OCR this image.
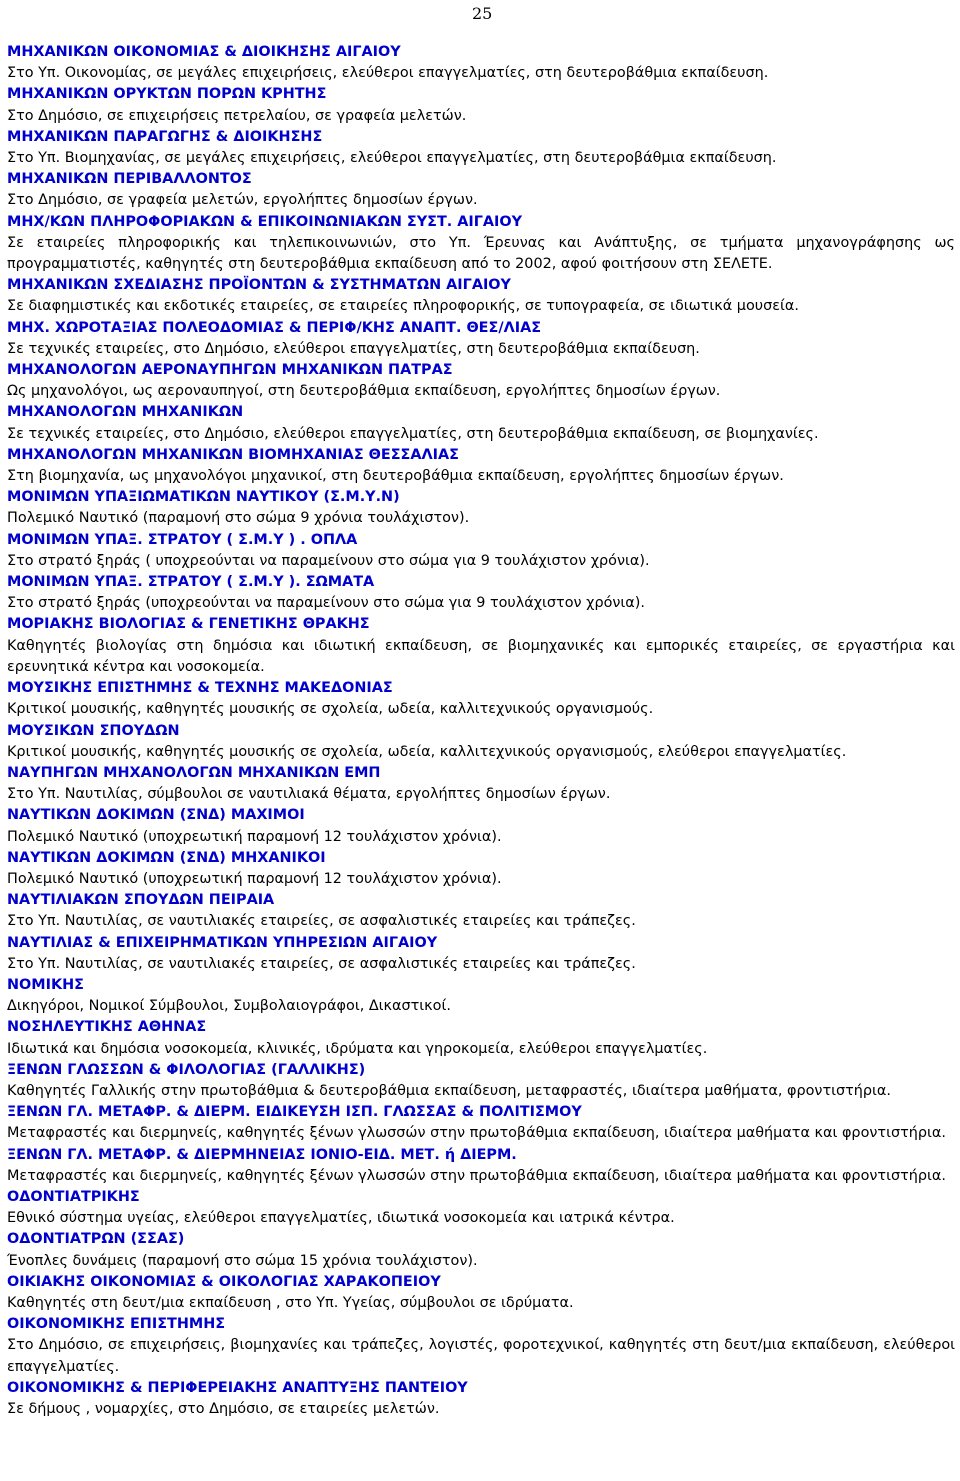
25
ΜΗΧΑΝΙΚΩΝ ΟΙΚΟΝΟΜΙΑΣ & ΔΙΟΙΚΗΣΗΣ ΑΙΓΑΙΟΥ
Στο Υπ. Οικονομίας, σε μεγάλες επιχειρήσεις, ελεύθεροι επαγγελματίες, στη δευτεροβάθμια εκπαίδευση.
ΜΗΧΑΝΙΚΩΝ ΟΡΥΚΤΩΝ ΠΟΡΩΝ ΚΡΗΤΗΣ
Στο Δημόσιο, σε επιχειρήσεις πετρελαίου, σε γραφεία μελετών.
ΜΗΧΑΝΙΚΩΝ ΠΑΡΑΓΩΓΗΣ & ΔΙΟΙΚΗΣΗΣ
Στο Υπ. Βιομηχανίας, σε μεγάλες επιχειρήσεις, ελεύθεροι επαγγελματίες, στη δευτεροβάθμια εκπαίδευση.
ΜΗΧΑΝΙΚΩΝ ΠΕΡΙΒΑΛΛΟΝΤΟΣ
Στο Δημόσιο, σε γραφεία μελετών, εργολήπτες δημοσίων έργων.
ΜΗΧ/ΚΩΝ ΠΛΗΡΟΦΟΡΙΑΚΩΝ & ΕΠΙΚΟΙΝΩΝΙΑΚΩΝ ΣΥΣΤ. ΑΙΓΑΙΟΥ
Σε εταιρείες πληροφορικής και τηλεπικοινωνιών, στο Υπ. Έρευνας και Ανάπτυξης, σε τμήματα μηχανογράφησης ως προγραμματιστές, καθηγητές στη δευτεροβάθμια εκπαίδευση από το 2002, αφού φοιτήσουν στη ΣΕΛΕΤΕ.
ΜΗΧΑΝΙΚΩΝ ΣΧΕΔΙΑΣΗΣ ΠΡΟΪΟΝΤΩΝ & ΣΥΣΤΗΜΑΤΩΝ ΑΙΓΑΙΟΥ
Σε διαφημιστικές και εκδοτικές εταιρείες, σε εταιρείες πληροφορικής, σε τυπογραφεία, σε ιδιωτικά μουσεία.
ΜΗΧ. ΧΩΡΟΤΑΞΙΑΣ ΠΟΛΕΟΔΟΜΙΑΣ & ΠΕΡΙΦ/ΚΗΣ ΑΝΑΠΤ. ΘΕΣ/ΛΙΑΣ
Σε τεχνικές εταιρείες, στο Δημόσιο, ελεύθεροι επαγγελματίες, στη δευτεροβάθμια εκπαίδευση.
ΜΗΧΑΝΟΛΟΓΩΝ ΑΕΡΟΝΑΥΠΗΓΩΝ ΜΗΧΑΝΙΚΩΝ ΠΑΤΡΑΣ
Ως μηχανολόγοι, ως αεροναυπηγοί, στη δευτεροβάθμια εκπαίδευση, εργολήπτες δημοσίων έργων.
ΜΗΧΑΝΟΛΟΓΩΝ ΜΗΧΑΝΙΚΩΝ
Σε τεχνικές εταιρείες, στο Δημόσιο, ελεύθεροι επαγγελματίες, στη δευτεροβάθμια εκπαίδευση, σε βιομηχανίες.
ΜΗΧΑΝΟΛΟΓΩΝ ΜΗΧΑΝΙΚΩΝ ΒΙΟΜΗΧΑΝΙΑΣ ΘΕΣΣΑΛΙΑΣ
Στη βιομηχανία, ως μηχανολόγοι μηχανικοί, στη δευτεροβάθμια εκπαίδευση, εργολήπτες δημοσίων έργων.
ΜΟΝΙΜΩΝ ΥΠΑΞΙΩΜΑΤΙΚΩΝ ΝΑΥΤΙΚΟΥ (Σ.Μ.Υ.Ν)
Πολεμικό Ναυτικό (παραμονή στο σώμα 9 χρόνια τουλάχιστον).
ΜΟΝΙΜΩΝ ΥΠΑΞ. ΣΤΡΑΤΟΥ ( Σ.Μ.Υ ) . ΟΠΛΑ
Στο στρατό ξηράς ( υποχρεούνται να παραμείνουν στο σώμα για 9 τουλάχιστον χρόνια).
ΜΟΝΙΜΩΝ ΥΠΑΞ. ΣΤΡΑΤΟΥ ( Σ.Μ.Υ ). ΣΩΜΑΤΑ
Στο στρατό ξηράς (υποχρεούνται να παραμείνουν στο σώμα για 9 τουλάχιστον χρόνια).
ΜΟΡΙΑΚΗΣ ΒΙΟΛΟΓΙΑΣ & ΓΕΝΕΤΙΚΗΣ ΘΡΑΚΗΣ
Καθηγητές βιολογίας στη δημόσια και ιδιωτική εκπαίδευση, σε βιομηχανικές και εμπορικές εταιρείες, σε εργαστήρια και ερευνητικά κέντρα και νοσοκομεία.
ΜΟΥΣΙΚΗΣ ΕΠΙΣΤΗΜΗΣ & ΤΕΧΝΗΣ ΜΑΚΕΔΟΝΙΑΣ
Κριτικοί μουσικής, καθηγητές μουσικής σε σχολεία, ωδεία, καλλιτεχνικούς οργανισμούς.
ΜΟΥΣΙΚΩΝ ΣΠΟΥΔΩΝ
Κριτικοί μουσικής, καθηγητές μουσικής σε σχολεία, ωδεία, καλλιτεχνικούς οργανισμούς, ελεύθεροι επαγγελματίες.
ΝΑΥΠΗΓΩΝ ΜΗΧΑΝΟΛΟΓΩΝ ΜΗΧΑΝΙΚΩΝ ΕΜΠ
Στο Υπ. Ναυτιλίας, σύμβουλοι σε ναυτιλιακά θέματα, εργολήπτες δημοσίων έργων.
ΝΑΥΤΙΚΩΝ ΔΟΚΙΜΩΝ (ΣΝΔ) ΜΑΧΙΜΟΙ
Πολεμικό Ναυτικό (υποχρεωτική παραμονή 12 τουλάχιστον χρόνια).
ΝΑΥΤΙΚΩΝ ΔΟΚΙΜΩΝ (ΣΝΔ) ΜΗΧΑΝΙΚΟΙ
Πολεμικό Ναυτικό (υποχρεωτική παραμονή 12 τουλάχιστον χρόνια).
ΝΑΥΤΙΛΙΑΚΩΝ ΣΠΟΥΔΩΝ ΠΕΙΡΑΙΑ
Στο Υπ. Ναυτιλίας, σε ναυτιλιακές εταιρείες, σε ασφαλιστικές εταιρείες και τράπεζες.
ΝΑΥΤΙΛΙΑΣ & ΕΠΙΧΕΙΡΗΜΑΤΙΚΩΝ ΥΠΗΡΕΣΙΩΝ ΑΙΓΑΙΟΥ
Στο Υπ. Ναυτιλίας, σε ναυτιλιακές εταιρείες, σε ασφαλιστικές εταιρείες και τράπεζες.
ΝΟΜΙΚΗΣ
Δικηγόροι, Νομικοί Σύμβουλοι, Συμβολαιογράφοι, Δικαστικοί.
ΝΟΣΗΛΕΥΤΙΚΗΣ ΑΘΗΝΑΣ
Ιδιωτικά και δημόσια νοσοκομεία, κλινικές, ιδρύματα και γηροκομεία, ελεύθεροι επαγγελματίες.
ΞΕΝΩΝ ΓΛΩΣΣΩΝ & ΦΙΛΟΛΟΓΙΑΣ (ΓΑΛΛΙΚΗΣ)
Καθηγητές Γαλλικής στην πρωτοβάθμια & δευτεροβάθμια εκπαίδευση, μεταφραστές, ιδιαίτερα μαθήματα, φροντιστήρια.
ΞΕΝΩΝ ΓΛ. ΜΕΤΑΦΡ. & ΔΙΕΡΜ. ΕΙΔΙΚΕΥΣΗ ΙΣΠ. ΓΛΩΣΣΑΣ & ΠΟΛΙΤΙΣΜΟΥ
Μεταφραστές και διερμηνείς, καθηγητές ξένων γλωσσών στην πρωτοβάθμια εκπαίδευση, ιδιαίτερα μαθήματα και φροντιστήρια.
ΞΕΝΩΝ ΓΛ. ΜΕΤΑΦΡ. & ΔΙΕΡΜΗΝΕΙΑΣ ΙΟΝΙΟ-ΕΙΔ. ΜΕΤ. ή ΔΙΕΡΜ.
Μεταφραστές και διερμηνείς, καθηγητές ξένων γλωσσών στην πρωτοβάθμια εκπαίδευση, ιδιαίτερα μαθήματα και φροντιστήρια.
ΟΔΟΝΤΙΑΤΡΙΚΗΣ
Εθνικό σύστημα υγείας, ελεύθεροι επαγγελματίες, ιδιωτικά νοσοκομεία και ιατρικά κέντρα.
ΟΔΟΝΤΙΑΤΡΩΝ (ΣΣΑΣ)
Ένοπλες δυνάμεις (παραμονή στο σώμα 15 χρόνια τουλάχιστον).
ΟΙΚΙΑΚΗΣ ΟΙΚΟΝΟΜΙΑΣ & ΟΙΚΟΛΟΓΙΑΣ ΧΑΡΑΚΟΠΕΙΟΥ
Καθηγητές στη δευτ/μια εκπαίδευση , στο Υπ. Υγείας, σύμβουλοι σε ιδρύματα.
ΟΙΚΟΝΟΜΙΚΗΣ ΕΠΙΣΤΗΜΗΣ
Στο Δημόσιο, σε επιχειρήσεις, βιομηχανίες και τράπεζες, λογιστές, φοροτεχνικοί, καθηγητές στη δευτ/μια εκπαίδευση, ελεύθεροι επαγγελματίες.
ΟΙΚΟΝΟΜΙΚΗΣ & ΠΕΡΙΦΕΡΕΙΑΚΗΣ ΑΝΑΠΤΥΞΗΣ ΠΑΝΤΕΙΟΥ
Σε δήμους , νομαρχίες, στο Δημόσιο, σε εταιρείες μελετών.
